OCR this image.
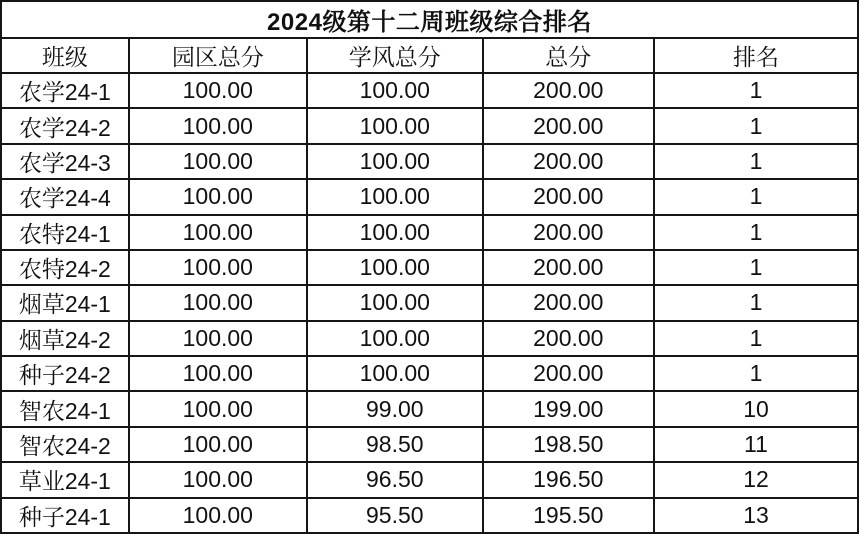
2024级第十二周班级综合排名				
班级	园区总分	学风总分	总分	排名
农学24-1	100.00	100.00	200.00	1
农学24-2	100.00	100.00	200.00	1
农学24-3	100.00	100.00	200.00	1
农学24-4	100.00	100.00	200.00	1
农特24-1	100.00	100.00	200.00	1
农特24-2	100.00	100.00	200.00	1
烟草24-1	100.00	100.00	200.00	1
烟草24-2	100.00	100.00	200.00	1
种子24-2	100.00	100.00	200.00	1
智农24-1	100.00	99.00	199.00	10
智农24-2	100.00	98.50	198.50	11
草业24-1	100.00	96.50	196.50	12
种子24-1	100.00	95.50	195.50	13
